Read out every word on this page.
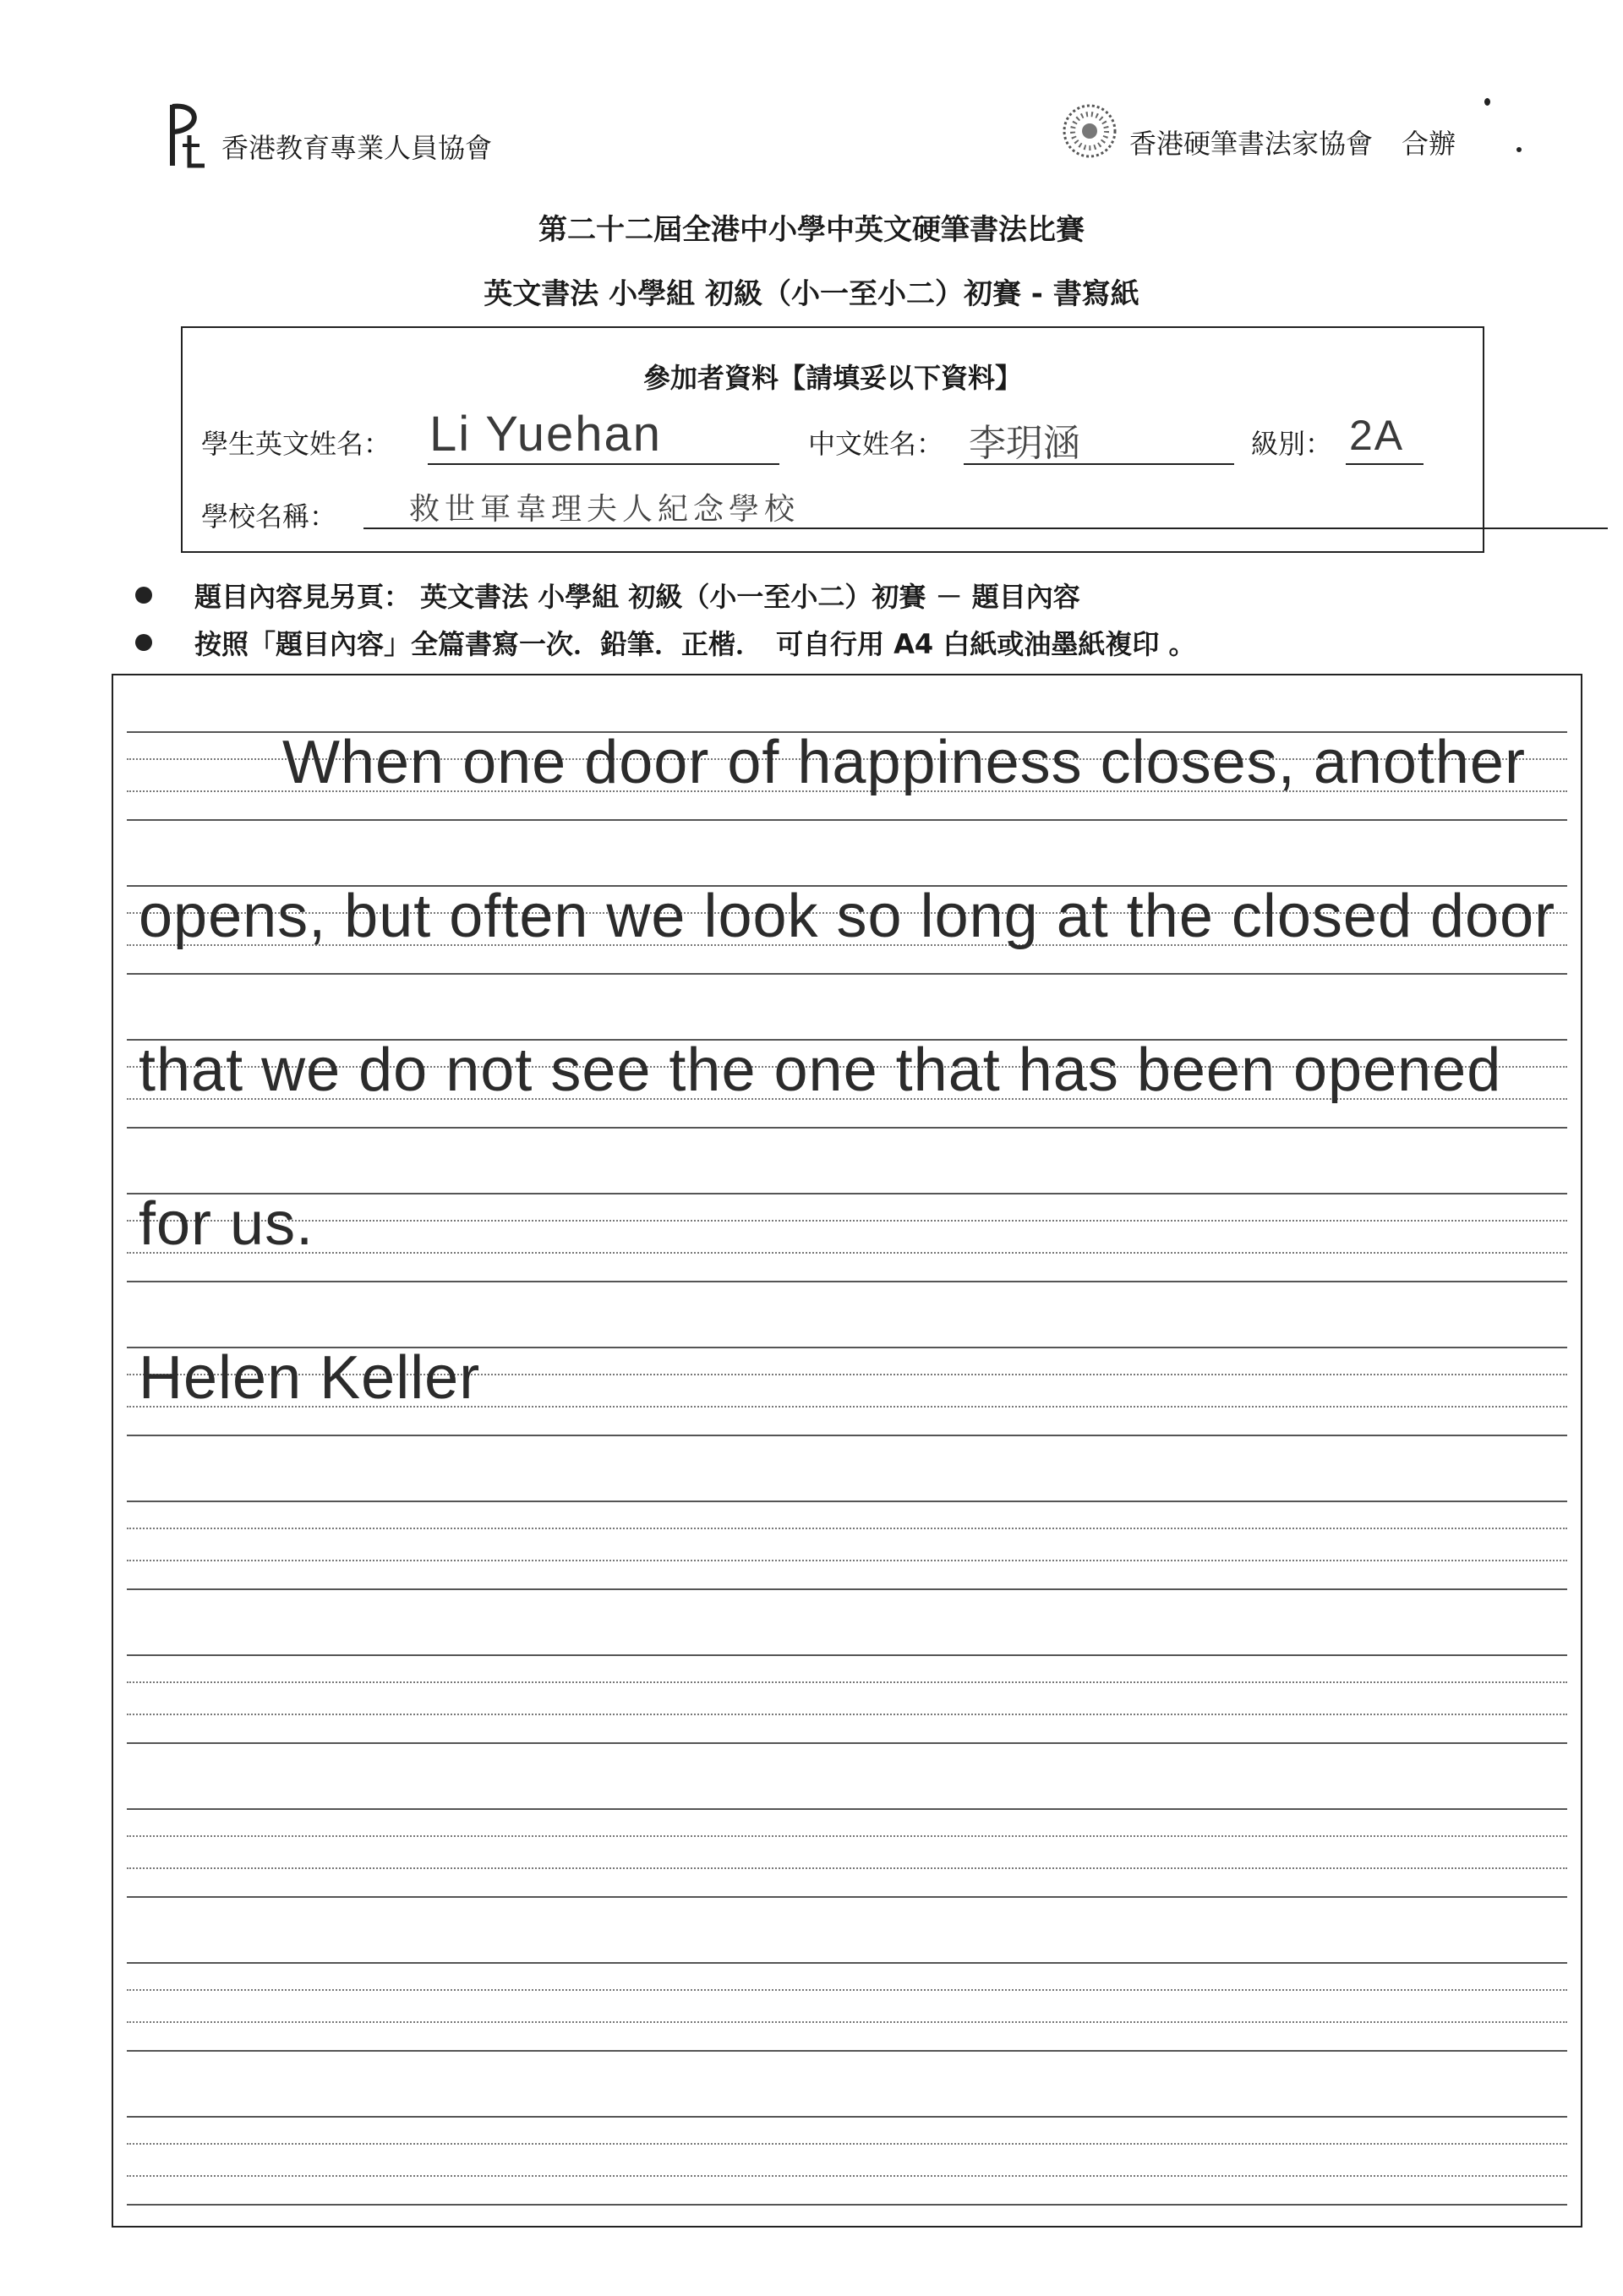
香港教育專業人員協會	香港硬筆書法家協會 合辦
第二十二屆全港中小學中英文硬筆書法比賽
英文書法 小學組 初級（小一至小二）初賽 - 書寫紙
參加者資料【請填妥以下資料】
學生英文姓名： Li Yuehan	中文姓名： 李玥涵	級別： 2A
學校名稱： 救世軍韋理夫人紀念學校
題目內容見另頁： 英文書法 小學組 初級（小一至小二）初賽 － 題目內容
按照「題目內容」全篇書寫一次．鉛筆．正楷．　可自行用 A4 白紙或油墨紙複印 。
When one door of happiness closes, another
opens, but often we look so long at the closed door
that we do not see the one that has been opened
for us.
Helen Keller
